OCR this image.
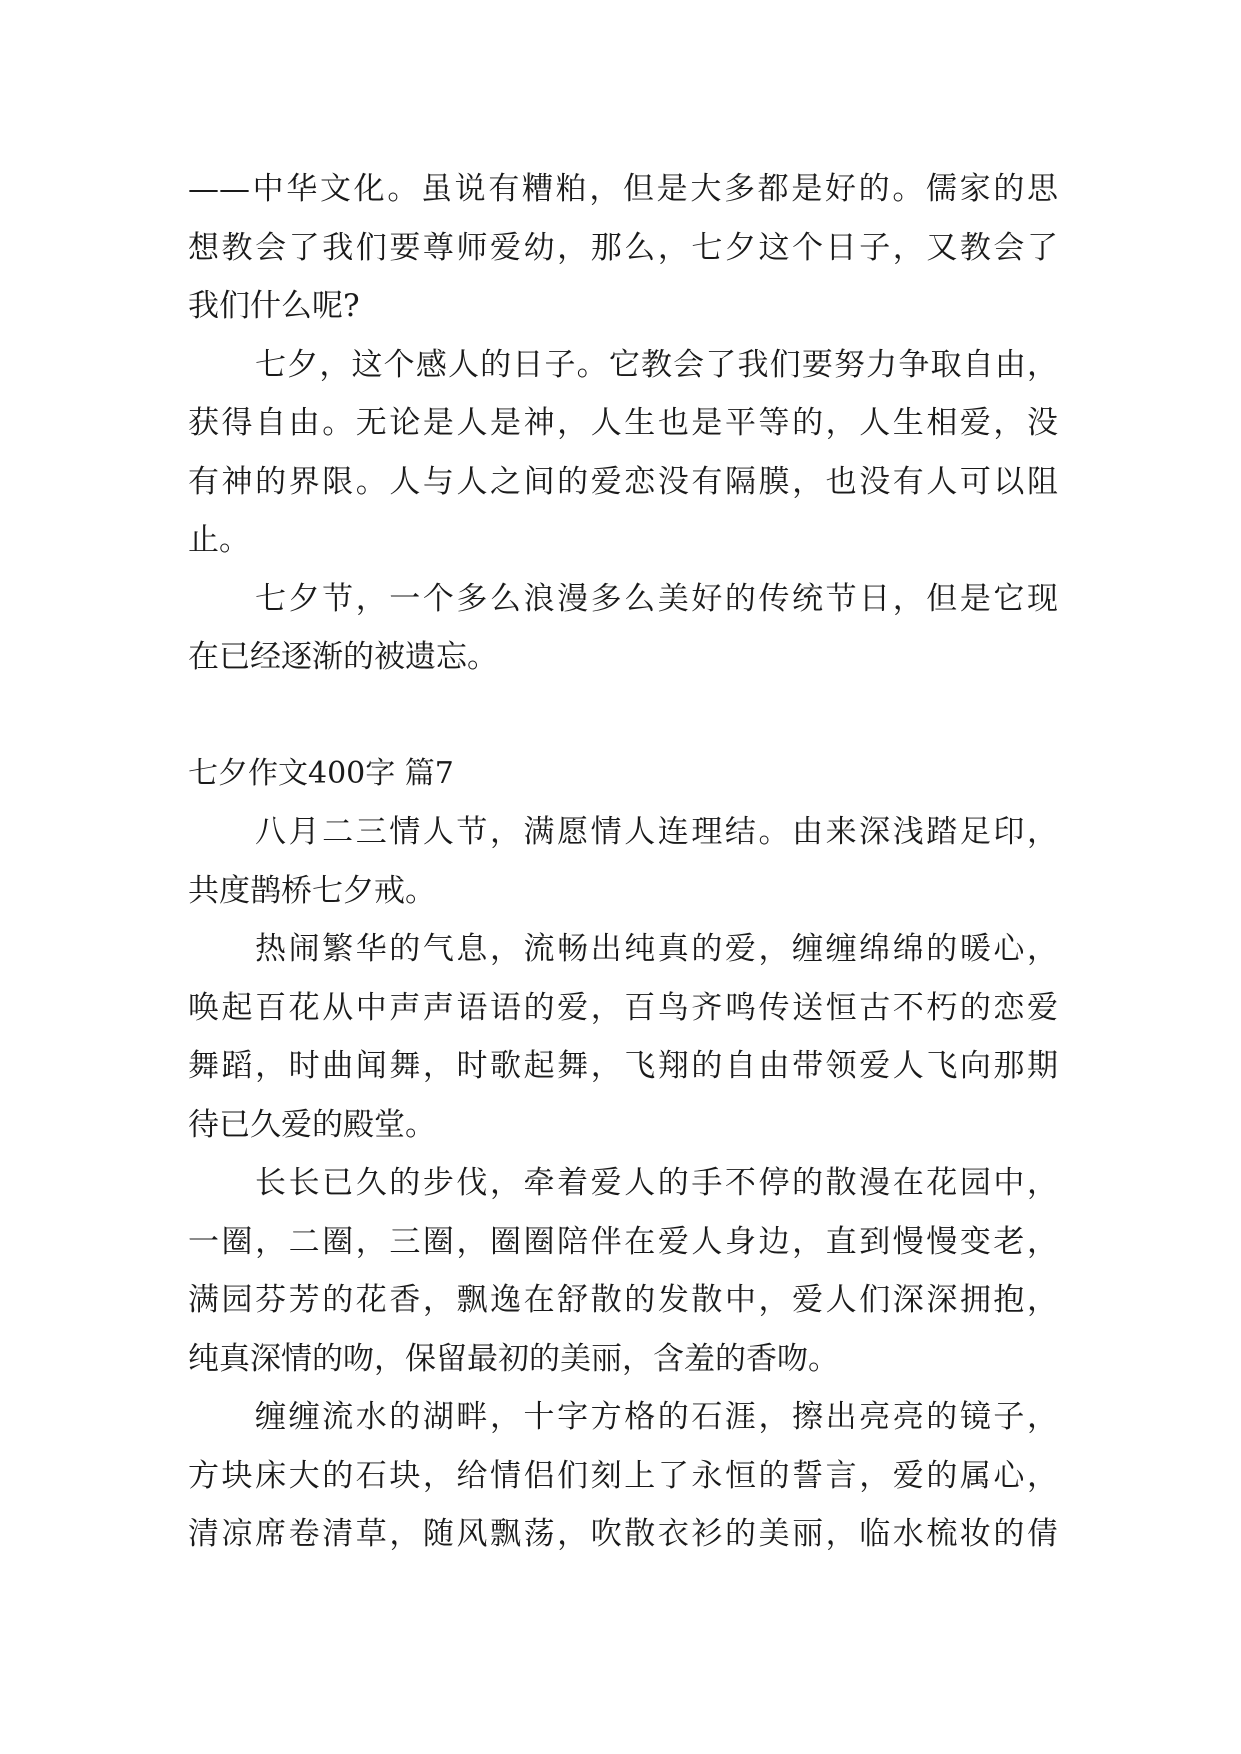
——中华文化。虽说有糟粕，但是大多都是好的。儒家的思
想教会了我们要尊师爱幼，那么，七夕这个日子，又教会了
我们什么呢?
七夕，这个感人的日子。它教会了我们要努力争取自由，
获得自由。无论是人是神，人生也是平等的，人生相爱，没
有神的界限。人与人之间的爱恋没有隔膜，也没有人可以阻
止。
七夕节，一个多么浪漫多么美好的传统节日，但是它现
在已经逐渐的被遗忘。
七夕作文400字 篇7
八月二三情人节，满愿情人连理结。由来深浅踏足印，
共度鹊桥七夕戒。
热闹繁华的气息，流畅出纯真的爱，缠缠绵绵的暖心，
唤起百花从中声声语语的爱，百鸟齐鸣传送恒古不朽的恋爱
舞蹈，时曲闻舞，时歌起舞，飞翔的自由带领爱人飞向那期
待已久爱的殿堂。
长长已久的步伐，牵着爱人的手不停的散漫在花园中，
一圈，二圈，三圈，圈圈陪伴在爱人身边，直到慢慢变老，
满园芬芳的花香，飘逸在舒散的发散中，爱人们深深拥抱，
纯真深情的吻，保留最初的美丽，含羞的香吻。
缠缠流水的湖畔，十字方格的石涯，擦出亮亮的镜子，
方块床大的石块，给情侣们刻上了永恒的誓言，爱的属心，
清凉席卷清草，随风飘荡，吹散衣衫的美丽，临水梳妆的倩
